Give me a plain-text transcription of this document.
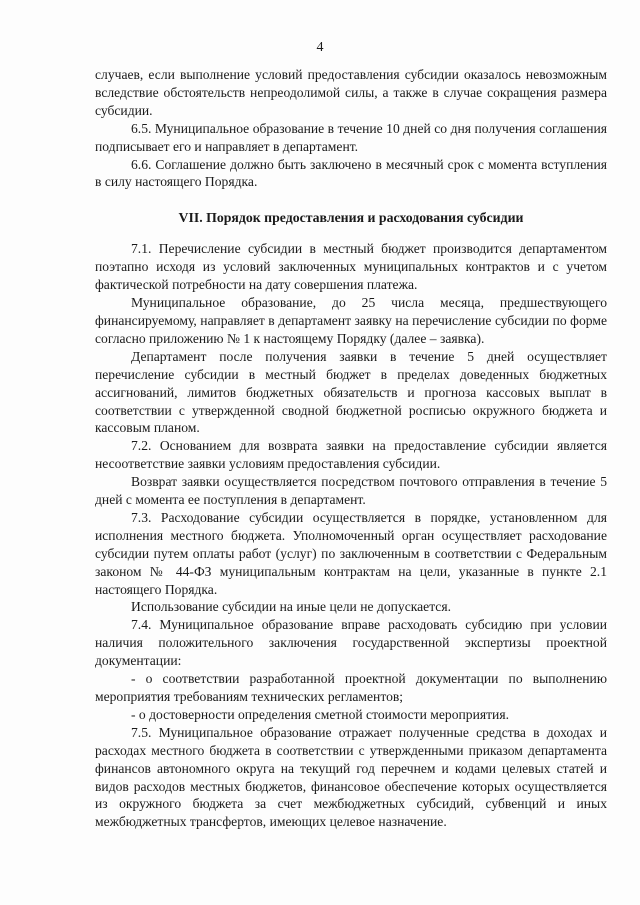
4

случаев, если выполнение условий предоставления субсидии оказалось невозможным вследствие обстоятельств непреодолимой силы, а также в случае сокращения размера субсидии.

6.5. Муниципальное образование в течение 10 дней со дня получения соглашения подписывает его и направляет в департамент.

6.6. Соглашение должно быть заключено в месячный срок с момента вступления в силу настоящего Порядка.

VII. Порядок предоставления и расходования субсидии

7.1. Перечисление субсидии в местный бюджет производится департаментом поэтапно исходя из условий заключенных муниципальных контрактов и с учетом фактической потребности на дату совершения платежа.

Муниципальное образование, до 25 числа месяца, предшествующего финансируемому, направляет в департамент заявку на перечисление субсидии по форме согласно приложению № 1 к настоящему Порядку (далее – заявка).

Департамент после получения заявки в течение 5 дней осуществляет перечисление субсидии в местный бюджет в пределах доведенных бюджетных ассигнований, лимитов бюджетных обязательств и прогноза кассовых выплат в соответствии с утвержденной сводной бюджетной росписью окружного бюджета и кассовым планом.

7.2. Основанием для возврата заявки на предоставление субсидии является несоответствие заявки условиям предоставления субсидии.

Возврат заявки осуществляется посредством почтового отправления в течение 5 дней с момента ее поступления в департамент.

7.3. Расходование субсидии осуществляется в порядке, установленном для исполнения местного бюджета. Уполномоченный орган осуществляет расходование субсидии путем оплаты работ (услуг) по заключенным в соответствии с Федеральным законом № 44-ФЗ муниципальным контрактам на цели, указанные в пункте 2.1 настоящего Порядка.

Использование субсидии на иные цели не допускается.

7.4. Муниципальное образование вправе расходовать субсидию при условии наличия положительного заключения государственной экспертизы проектной документации:

- о соответствии разработанной проектной документации по выполнению мероприятия требованиям технических регламентов;

- о достоверности определения сметной стоимости мероприятия.

7.5. Муниципальное образование отражает полученные средства в доходах и расходах местного бюджета в соответствии с утвержденными приказом департамента финансов автономного округа на текущий год перечнем и кодами целевых статей и видов расходов местных бюджетов, финансовое обеспечение которых осуществляется из окружного бюджета за счет межбюджетных субсидий, субвенций и иных межбюджетных трансфертов, имеющих целевое назначение.
